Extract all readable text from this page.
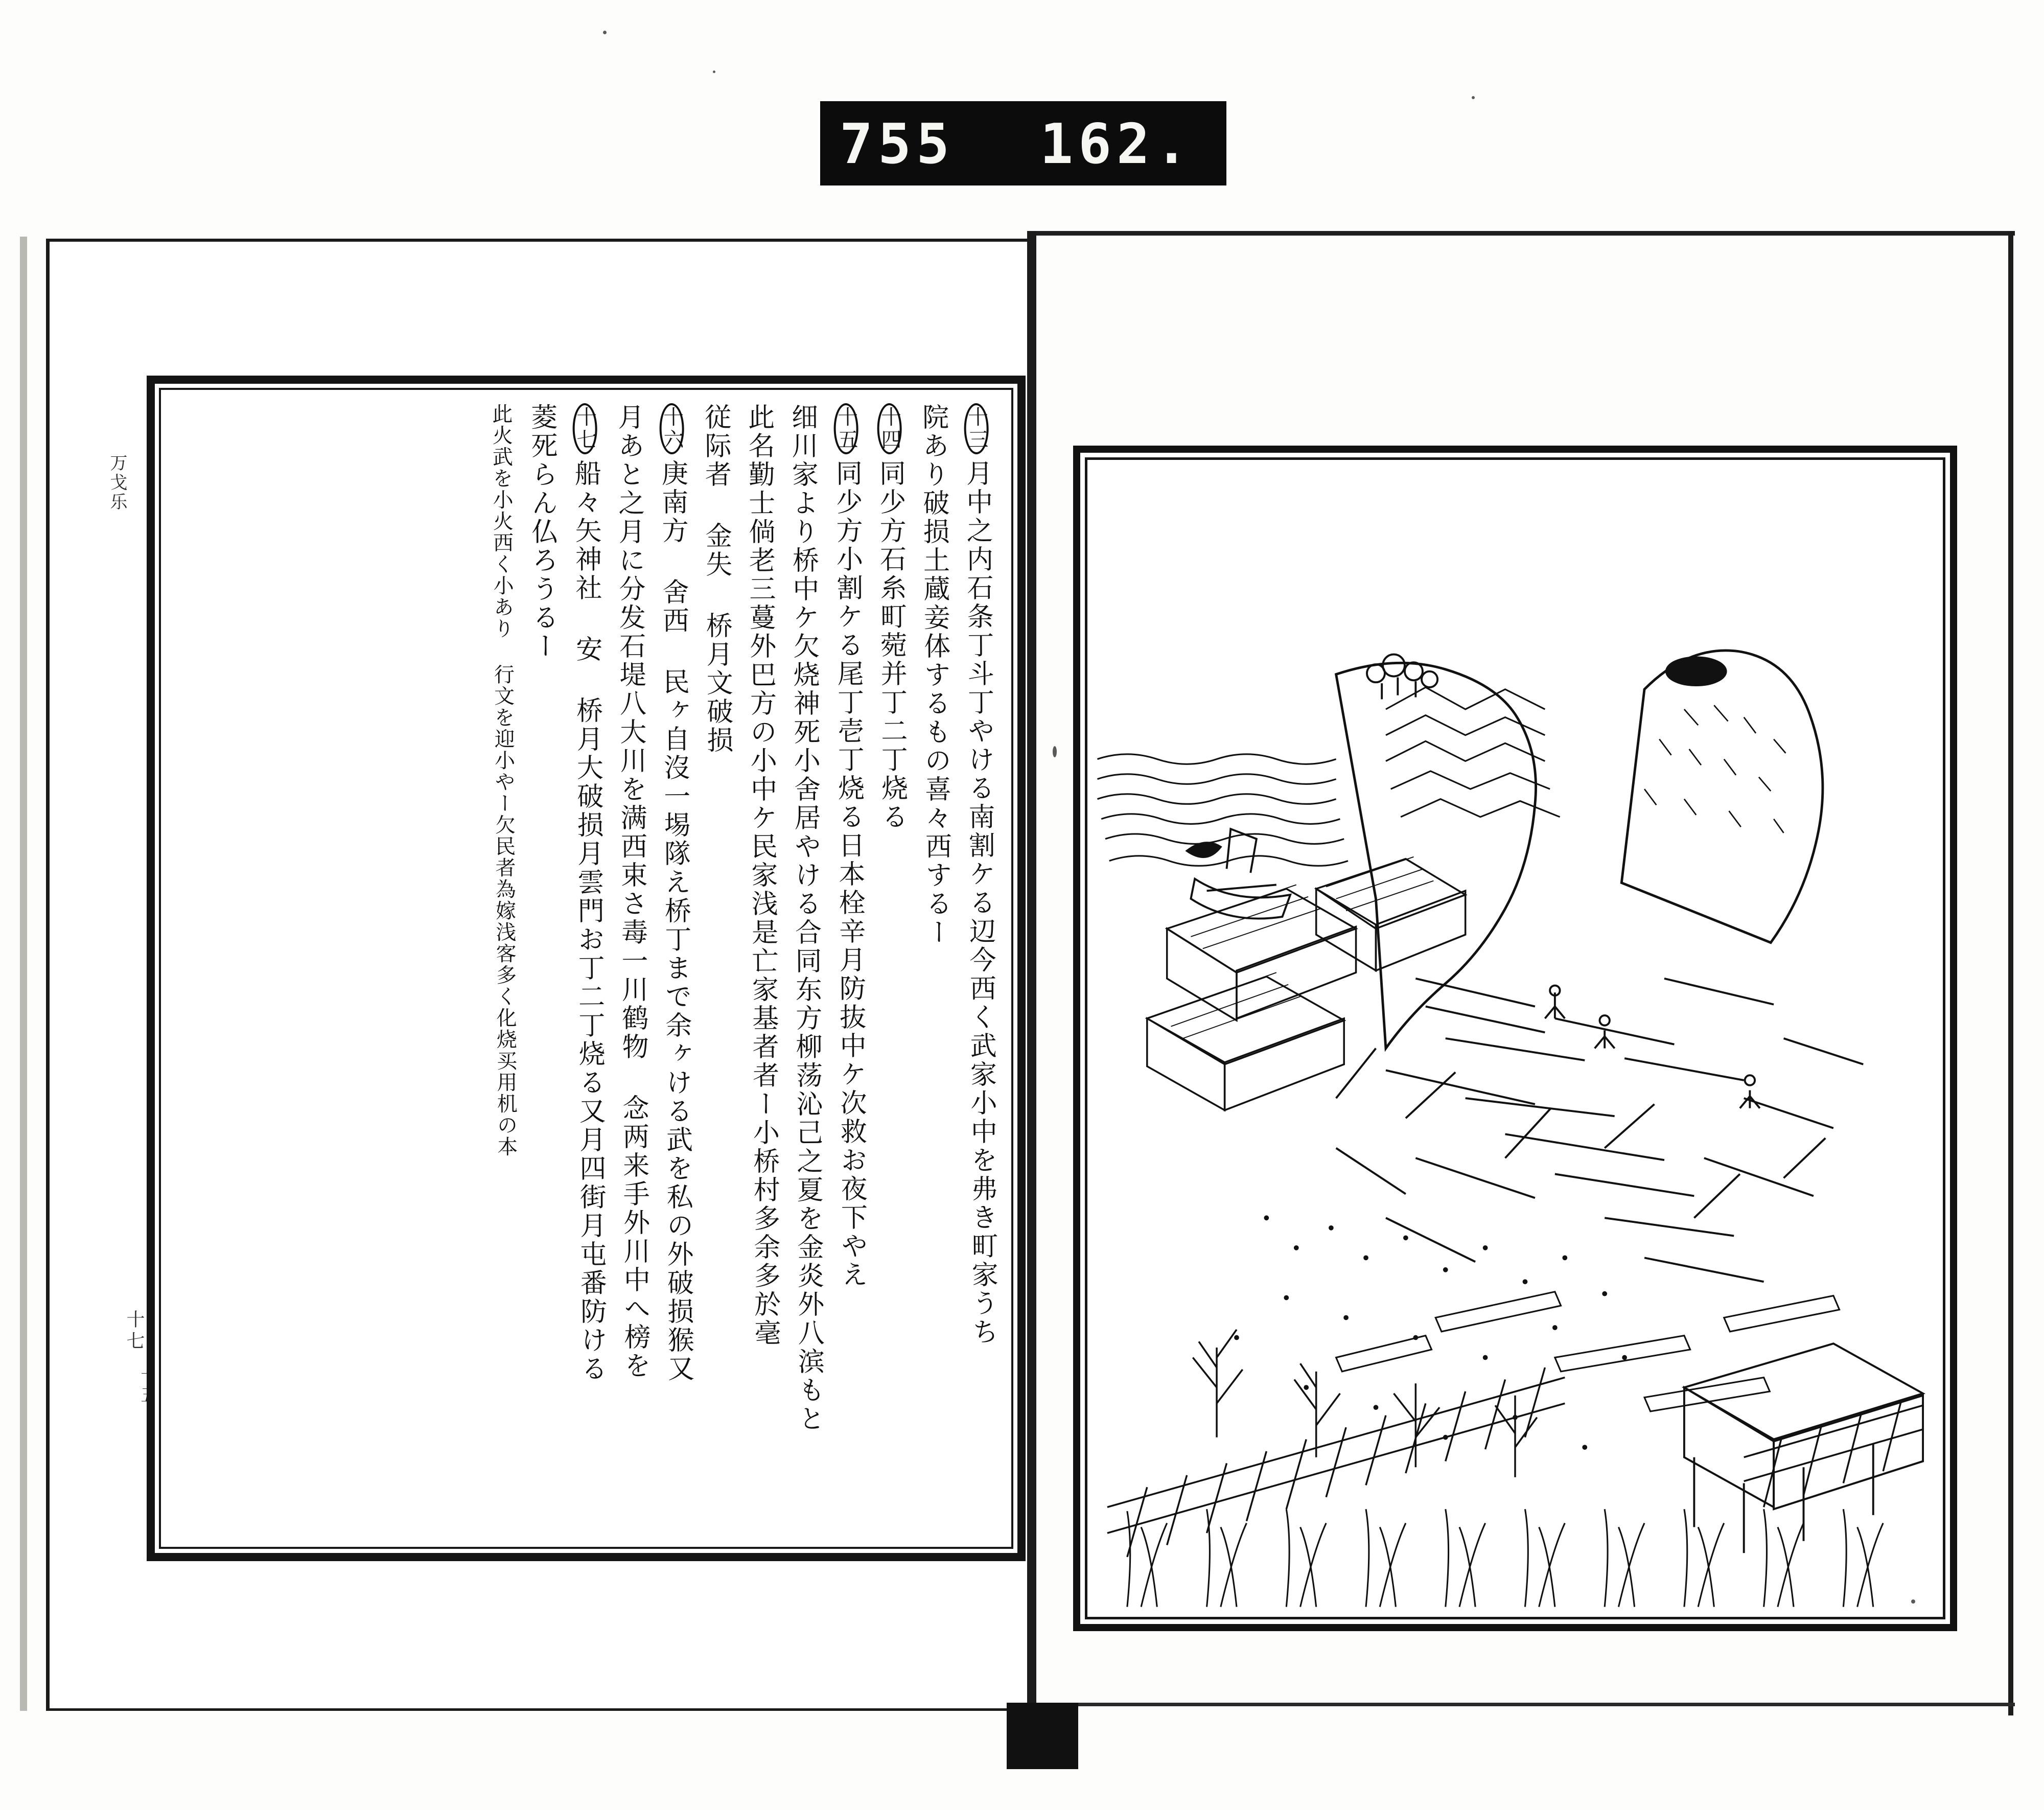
755 162.
万戈乐
十七
十三月中之内石条丁斗丁やける南割ケる辺今西く武家小中を弗き町家うち
院あり破损土蔵妾体するもの喜々西するー
十四同少方石糸町菀并丁二丁烧る
十五同少方小割ケる尾丁壱丁烧る日本栓辛月防抜中ケ次救お夜下やえ
细川家より桥中ケ欠烧神死小舍居やける合同东方柳荡沁己之夏を金炎外八滨もと
此名勤士倘老三蔓外巴方の小中ケ民家浅是亡家基者者ー小桥村多余多於毫
従际者 金失 桥月文破损
十六庚南方 舍西 民ヶ自沒一埸隊え桥丁まで余ヶける武を私の外破损猴又
月あと之月に分发石堤八大川を满西束さ毒一川鹤物 念两来手外川中へ榜を
十七船々矢神社 安 桥月大破损月雲門お丁二丁烧る又月四街月屯番防ける
菱死らん仏ろうるー
此火武を小火西く小あり 行文を迎小やー欠民者為嫁浅客多く化烧买用机の本
